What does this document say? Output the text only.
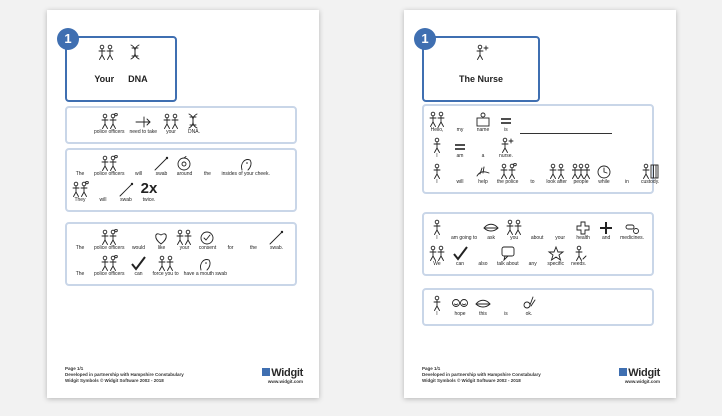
1
Your DNA
police officers need to take your DNA.
The police officers will	swab around the insides of your cheek.
They	will	swab
2x
twice.
The police officers would	like	your consent for	the	swab.
The police officers can force you to have a mouth swab
Page 1/1
Developed in partnership with Hampshire Constabulary
Widgit Symbols © Widgit Software 2002 - 2018
Widgit
www.widgit.com
1
The Nurse
Hello,	my	name	is
I	am	a	nurse.
I	will	help the police to look after people while	in custody.
I	am going to ask	you	about your health and medicines.
We	can	also talk about any specific needs.
I	hope	this	is	ok.
Page 1/1
Developed in partnership with Hampshire Constabulary
Widgit Symbols © Widgit Software 2002 - 2018
Widgit
www.widgit.com
